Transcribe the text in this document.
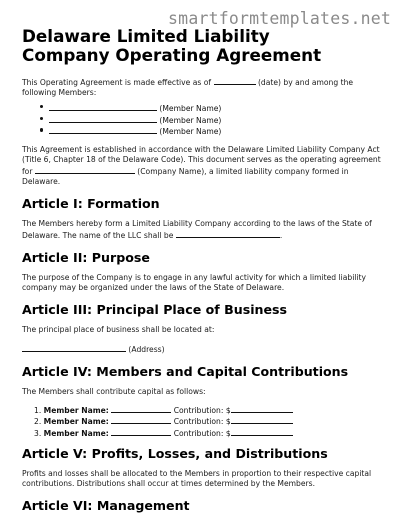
smartformtemplates.net
Delaware Limited Liability Company Operating Agreement

This Operating Agreement is made effective as of	(date) by and among the following Members:

(Member Name)
(Member Name)
(Member Name)

This Agreement is established in accordance with the Delaware Limited Liability Company Act (Title 6, Chapter 18 of the Delaware Code). This document serves as the operating agreement for	(Company Name), a limited liability company formed in Delaware.

Article I: Formation

The Members hereby form a Limited Liability Company according to the laws of the State of Delaware. The name of the LLC shall be	.

Article II: Purpose

The purpose of the Company is to engage in any lawful activity for which a limited liability company may be organized under the laws of the State of Delaware.

Article III: Principal Place of Business

The principal place of business shall be located at:

(Address)

Article IV: Members and Capital Contributions

The Members shall contribute capital as follows:

1. Member Name:	Contribution: $
2. Member Name:	Contribution: $
3. Member Name:	Contribution: $
Article V: Profits, Losses, and Distributions

Profits and losses shall be allocated to the Members in proportion to their respective capital contributions. Distributions shall occur at times determined by the Members.

Article VI: Management
